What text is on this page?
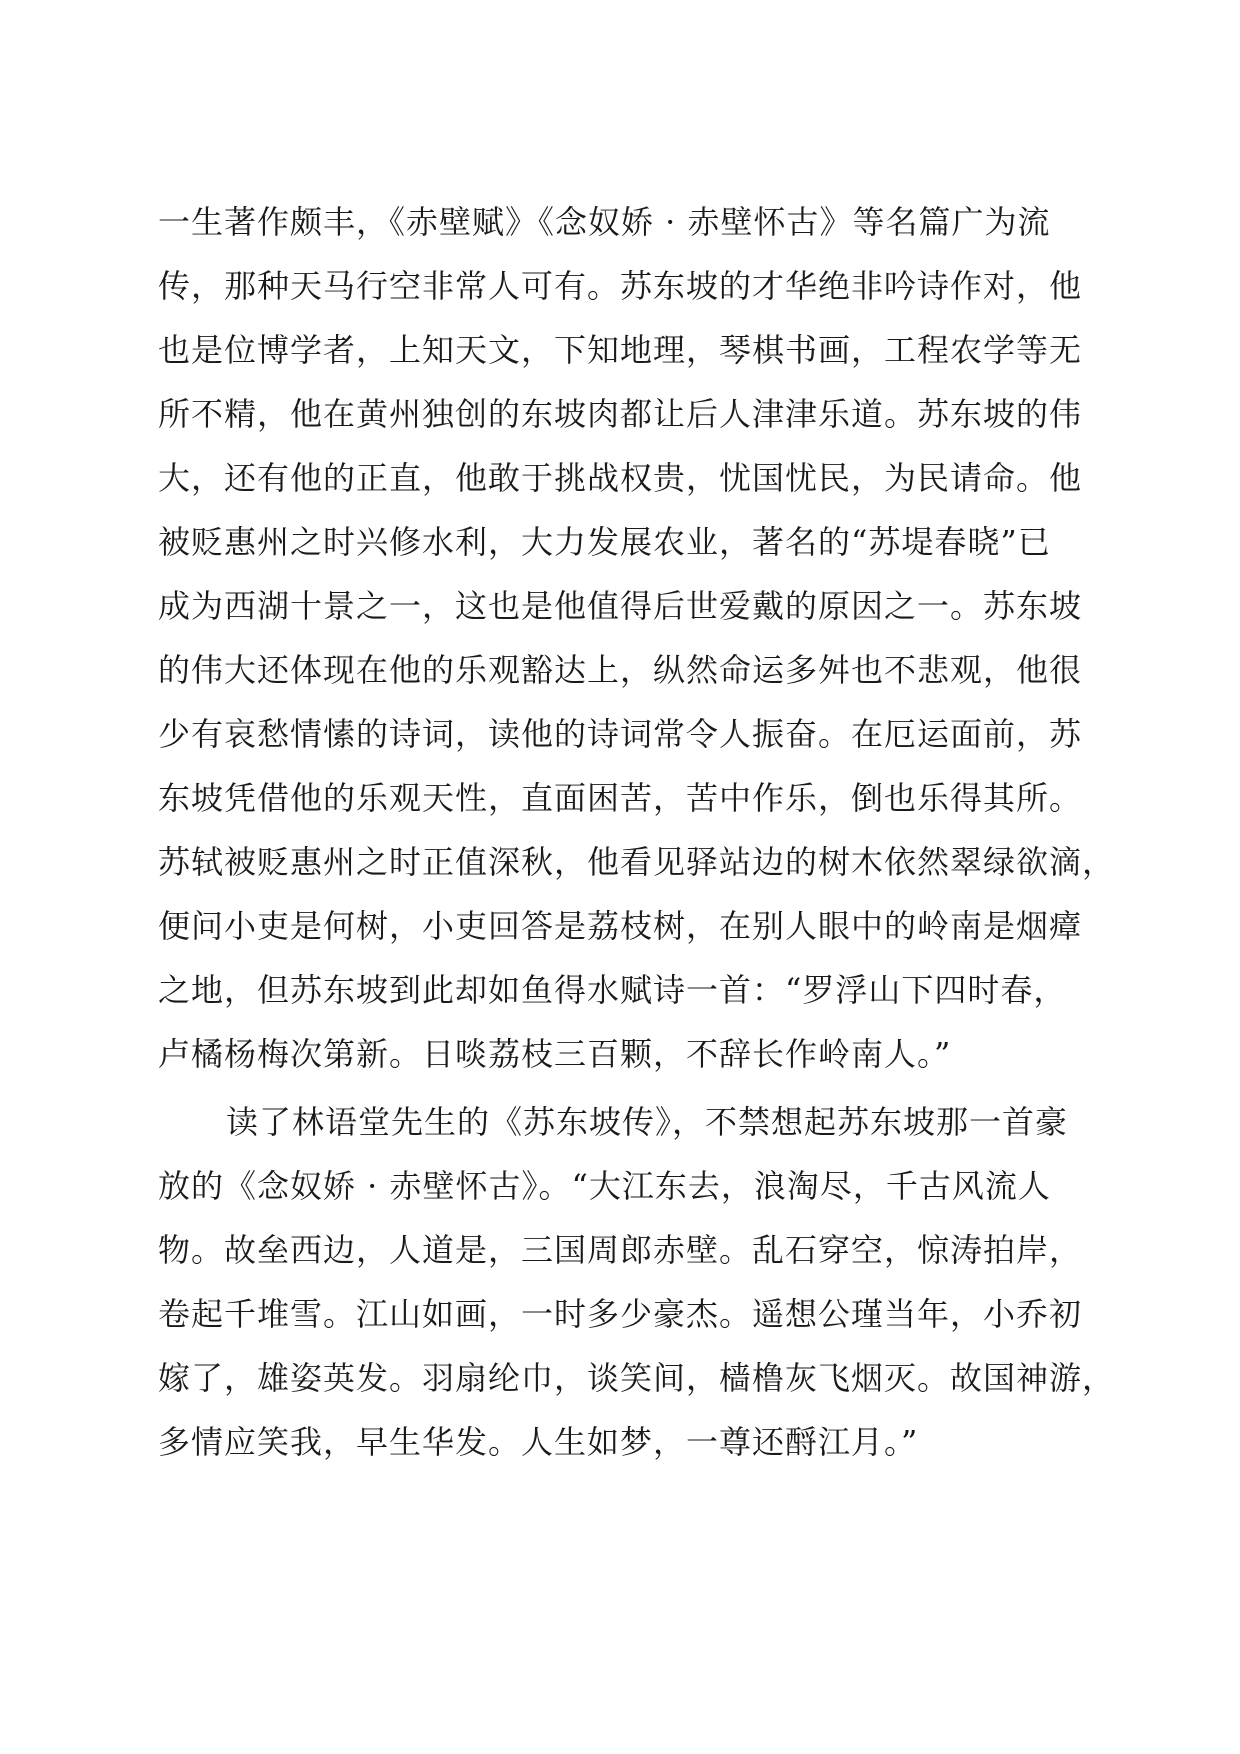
一生著作颇丰，《赤壁赋》《念奴娇 · 赤壁怀古》等名篇广为流
传，那种天马行空非常人可有。苏东坡的才华绝非吟诗作对，他
也是位博学者，上知天文，下知地理，琴棋书画，工程农学等无
所不精，他在黄州独创的东坡肉都让后人津津乐道。苏东坡的伟
大，还有他的正直，他敢于挑战权贵，忧国忧民，为民请命。他
被贬惠州之时兴修水利，大力发展农业，著名的“苏堤春晓”已
成为西湖十景之一，这也是他值得后世爱戴的原因之一。苏东坡
的伟大还体现在他的乐观豁达上，纵然命运多舛也不悲观，他很
少有哀愁情愫的诗词，读他的诗词常令人振奋。在厄运面前，苏
东坡凭借他的乐观天性，直面困苦，苦中作乐，倒也乐得其所。
苏轼被贬惠州之时正值深秋，他看见驿站边的树木依然翠绿欲滴，
便问小吏是何树，小吏回答是荔枝树，在别人眼中的岭南是烟瘴
之地，但苏东坡到此却如鱼得水赋诗一首：“罗浮山下四时春，
卢橘杨梅次第新。日啖荔枝三百颗，不辞长作岭南人。”
读了林语堂先生的《苏东坡传》，不禁想起苏东坡那一首豪
放的《念奴娇 · 赤壁怀古》。“大江东去，浪淘尽，千古风流人
物。故垒西边，人道是，三国周郎赤壁。乱石穿空，惊涛拍岸，
卷起千堆雪。江山如画，一时多少豪杰。遥想公瑾当年，小乔初
嫁了，雄姿英发。羽扇纶巾，谈笑间，樯橹灰飞烟灭。故国神游，
多情应笑我，早生华发。人生如梦，一尊还酹江月。”
